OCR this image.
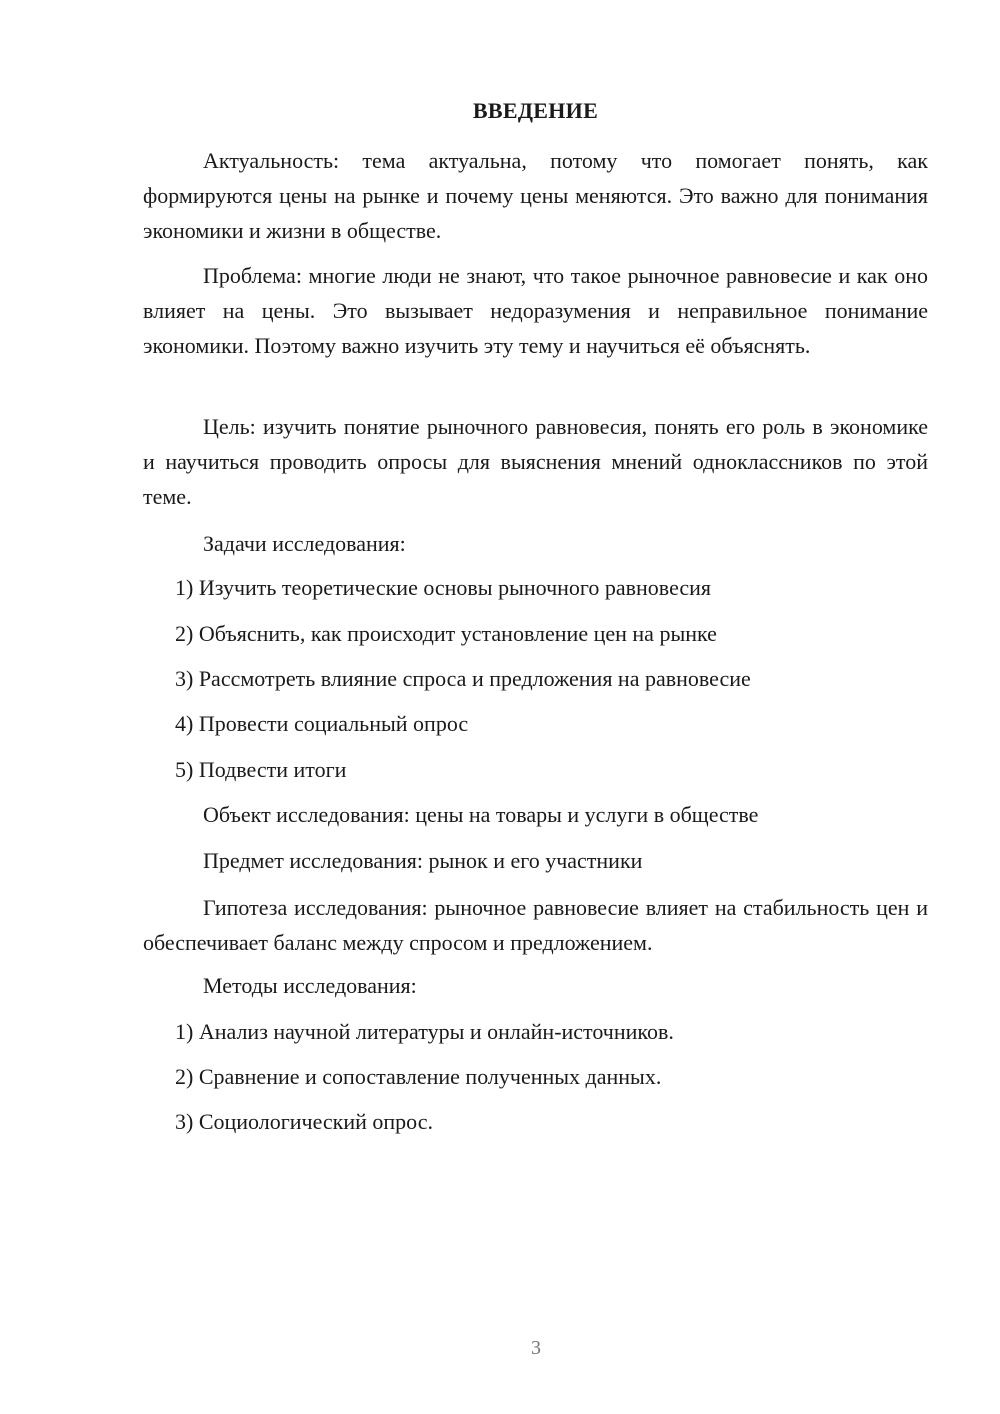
ВВЕДЕНИЕ

Актуальность: тема актуальна, потому что помогает понять, как формируются цены на рынке и почему цены меняются. Это важно для понимания экономики и жизни в обществе.

Проблема: многие люди не знают, что такое рыночное равновесие и как оно влияет на цены. Это вызывает недоразумения и неправильное понимание экономики. Поэтому важно изучить эту тему и научиться её объяснять.

Цель: изучить понятие рыночного равновесия, понять его роль в экономике и научиться проводить опросы для выяснения мнений одноклассников по этой теме.

Задачи исследования:

1) Изучить теоретические основы рыночного равновесия

2) Объяснить, как происходит установление цен на рынке

3) Рассмотреть влияние спроса и предложения на равновесие

4) Провести социальный опрос

5) Подвести итоги

Объект исследования: цены на товары и услуги в обществе

Предмет исследования: рынок и его участники

Гипотеза исследования: рыночное равновесие влияет на стабильность цен и обеспечивает баланс между спросом и предложением.

Методы исследования:

1) Анализ научной литературы и онлайн-источников.

2) Сравнение и сопоставление полученных данных.

3) Социологический опрос.

3
